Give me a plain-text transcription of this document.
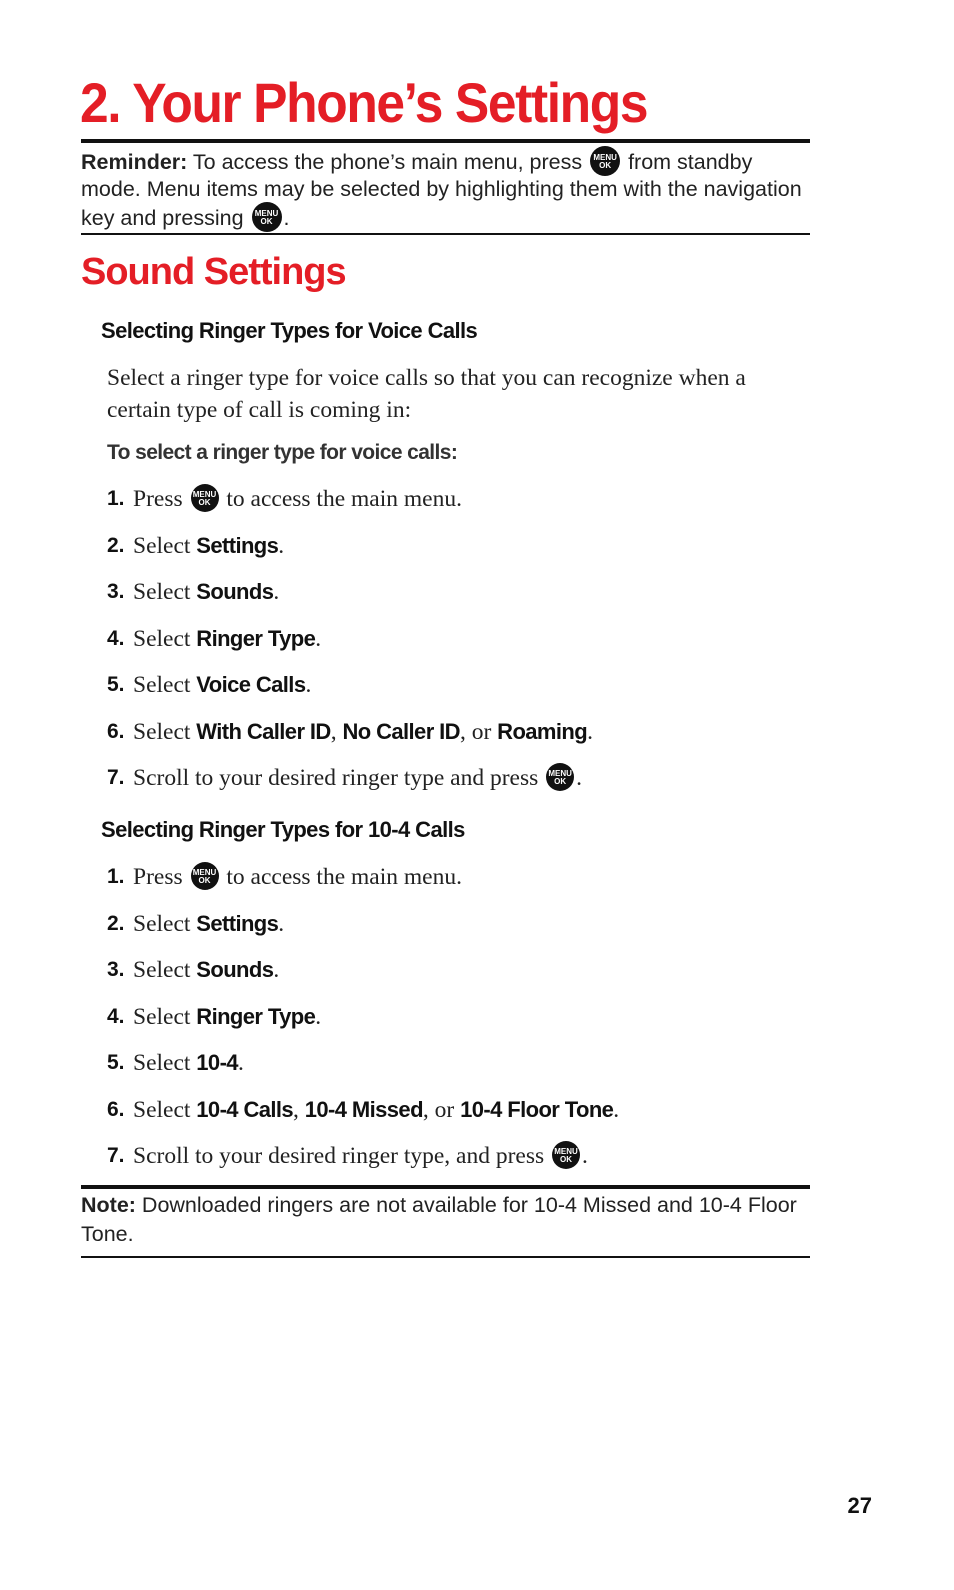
2. Your Phone’s Settings
Reminder: To access the phone’s main menu, press MENU
OK from standby mode. Menu items may be selected by highlighting them with the navigation key and pressing MENU
OK .
Sound Settings
Selecting Ringer Types for Voice Calls

Select a ringer type for voice calls so that you can recognize when a certain type of call is coming in:

To select a ringer type for voice calls:

1. Press MENU
OK to access the main menu.
2. Select Settings.
3. Select Sounds.
4. Select Ringer Type.
5. Select Voice Calls.
6. Select With Caller ID, No Caller ID, or Roaming.
7. Scroll to your desired ringer type and press MENU
OK .
Selecting Ringer Types for 10-4 Calls
1. Press MENU
OK to access the main menu.
2. Select Settings.
3. Select Sounds.
4. Select Ringer Type.
5. Select 10-4.
6. Select 10-4 Calls, 10-4 Missed, or 10-4 Floor Tone.
7. Scroll to your desired ringer type, and press MENU
OK .
Note: Downloaded ringers are not available for 10-4 Missed and 10-4 Floor Tone.
27
